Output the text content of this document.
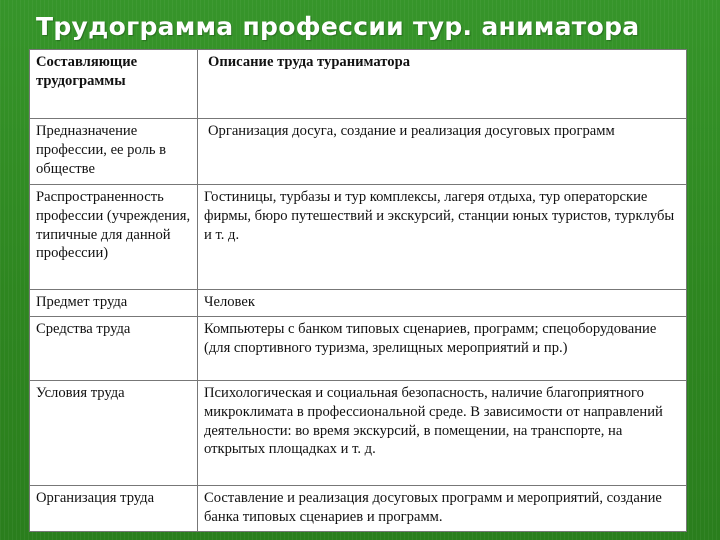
Трудограмма профессии тур. аниматора
Составляющие трудограммы	Описание труда тураниматора
Предназначение профессии, ее роль в обществе	Организация досуга, создание и реализация досуговых программ
Распространенность профессии (учреждения, типичные для данной профессии)	Гостиницы, турбазы и тур комплексы, лагеря отдыха, тур операторские фирмы, бюро путешествий и экскурсий, станции юных туристов, турклубы и т. д.
Предмет труда	Человек
Средства труда	Компьютеры с банком типовых сценариев, программ; спецоборудование (для спортивного туризма, зрелищных мероприятий и пр.)
Условия труда	Психологическая и социальная безопасность, наличие благоприятного микроклимата в профессиональной среде. В зависимости от направлений деятельности: во время экскурсий, в помещении, на транспорте, на открытых площадках и т. д.
Организация труда	Составление и реализация досуговых программ и мероприятий, создание банка типовых сценариев и программ.
